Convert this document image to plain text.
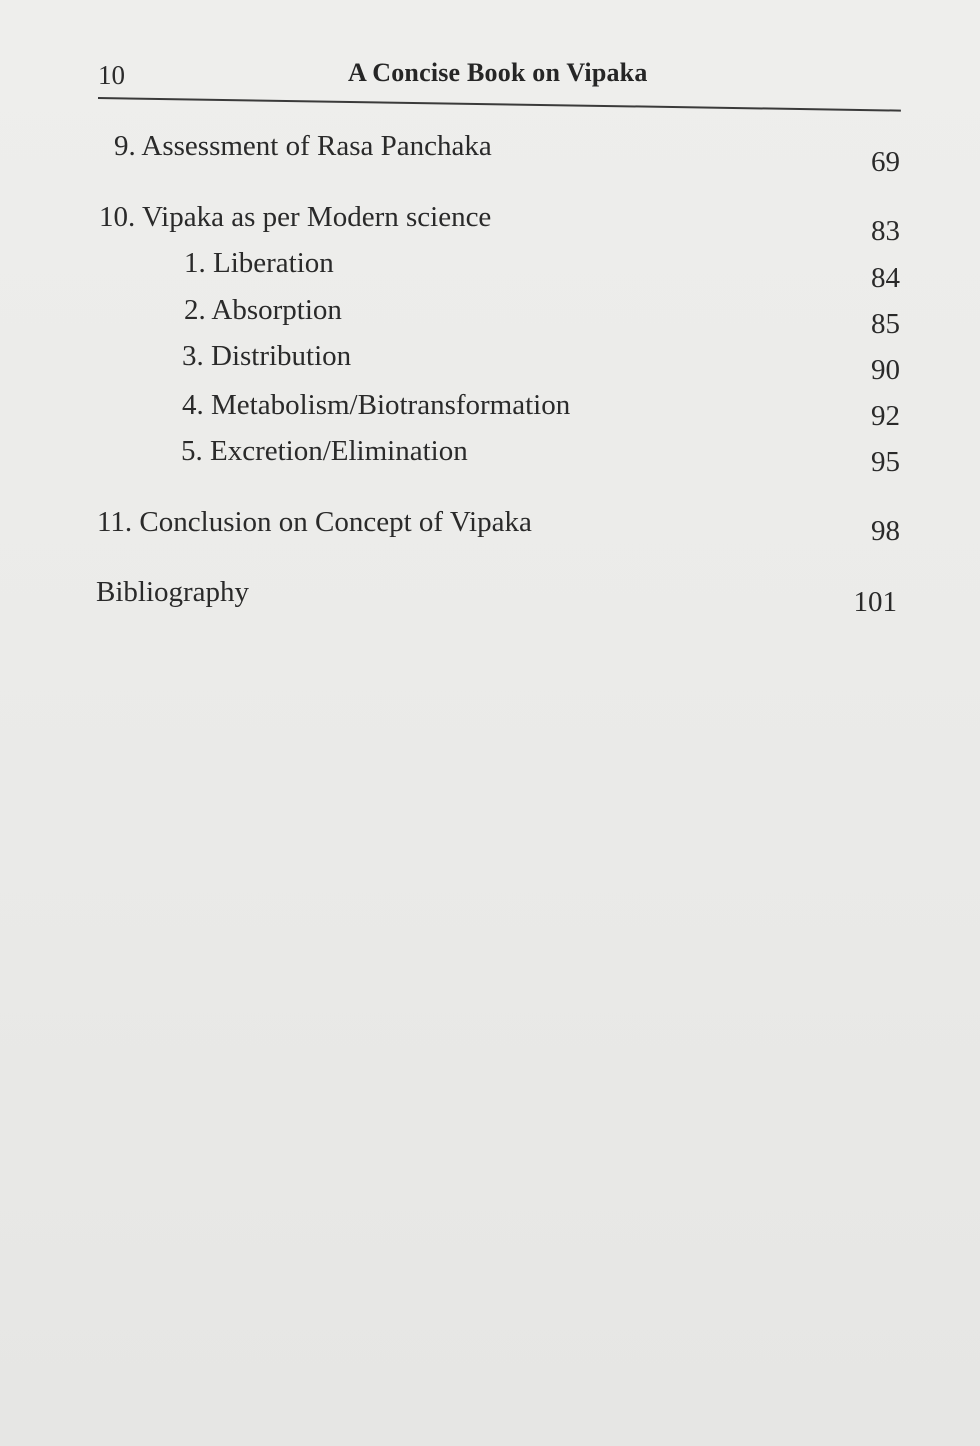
10	A Concise Book on Vipaka
9. Assessment of Rasa Panchaka	69
10. Vipaka as per Modern science	83
1. Liberation	84
2. Absorption	85
3. Distribution	90
4. Metabolism/Biotransformation	92
5. Excretion/Elimination	95
11. Conclusion on Concept of Vipaka	98
Bibliography	101
